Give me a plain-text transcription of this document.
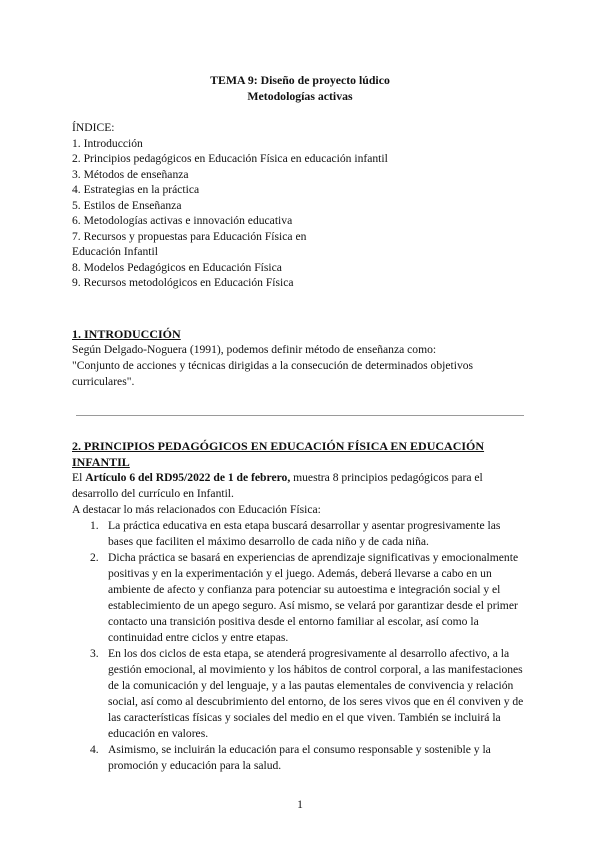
TEMA 9: Diseño de proyecto lúdico
Metodologías activas
ÍNDICE:
1. Introducción
2. Principios pedagógicos en Educación Física en educación infantil
3. Métodos de enseñanza
4. Estrategias en la práctica
5. Estilos de Enseñanza
6. Metodologías activas e innovación educativa
7. Recursos y propuestas para Educación Física en
Educación Infantil
8. Modelos Pedagógicos en Educación Física
9. Recursos metodológicos en Educación Física
1. INTRODUCCIÓN

Según Delgado-Noguera (1991), podemos definir método de enseñanza como:

"Conjunto de acciones y técnicas dirigidas a la consecución de determinados objetivos curriculares".

2. PRINCIPIOS PEDAGÓGICOS EN EDUCACIÓN FÍSICA EN EDUCACIÓN INFANTIL

El Artículo 6 del RD95/2022 de 1 de febrero, muestra 8 principios pedagógicos para el desarrollo del currículo en Infantil.

A destacar lo más relacionados con Educación Física:

1. La práctica educativa en esta etapa buscará desarrollar y asentar progresivamente las bases que faciliten el máximo desarrollo de cada niño y de cada niña.
2. Dicha práctica se basará en experiencias de aprendizaje significativas y emocionalmente positivas y en la experimentación y el juego. Además, deberá llevarse a cabo en un ambiente de afecto y confianza para potenciar su autoestima e integración social y el establecimiento de un apego seguro. Así mismo, se velará por garantizar desde el primer contacto una transición positiva desde el entorno familiar al escolar, así como la continuidad entre ciclos y entre etapas.
3. En los dos ciclos de esta etapa, se atenderá progresivamente al desarrollo afectivo, a la gestión emocional, al movimiento y los hábitos de control corporal, a las manifestaciones de la comunicación y del lenguaje, y a las pautas elementales de convivencia y relación social, así como al descubrimiento del entorno, de los seres vivos que en él conviven y de las características físicas y sociales del medio en el que viven. También se incluirá la educación en valores.
4. Asimismo, se incluirán la educación para el consumo responsable y sostenible y la promoción y educación para la salud.
1
